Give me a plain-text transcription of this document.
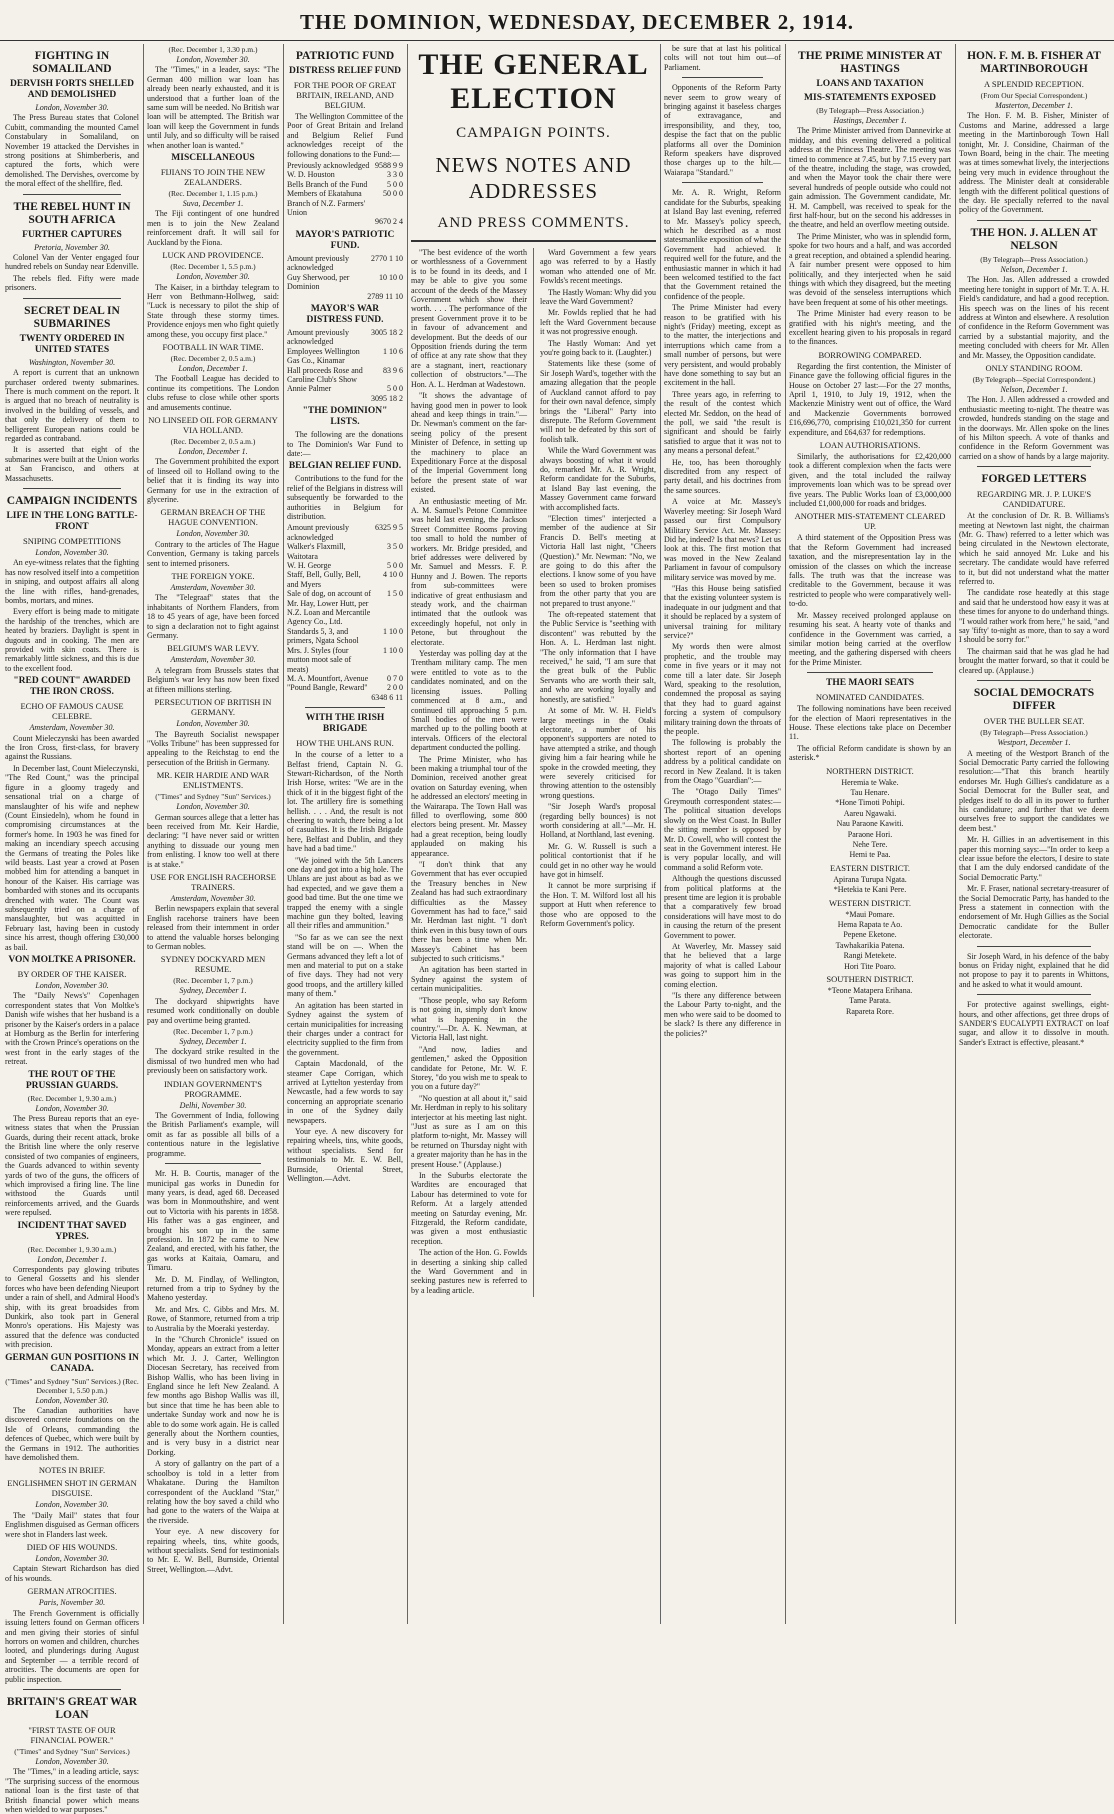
THE DOMINION, WEDNESDAY, DECEMBER 2, 1914.
FIGHTING IN SOMALILAND
DERVISH FORTS SHELLED AND DEMOLISHED
London, November 30.

The Press Bureau states that Colonel Cubitt, commanding the mounted Camel Constabulary in Somaliland, on November 19 attacked the Dervishes in strong positions at Shimberberis, and captured the forts, which were demolished. The Dervishes, overcome by the moral effect of the shellfire, fled.

THE REBEL HUNT IN SOUTH AFRICA
FURTHER CAPTURES
Pretoria, November 30.

Colonel Van der Venter engaged four hundred rebels on Sunday near Edenville.

The rebels fled. Fifty were made prisoners.

SECRET DEAL IN SUBMARINES
TWENTY ORDERED IN UNITED STATES
Washington, November 30.

A report is current that an unknown purchaser ordered twenty submarines. There is much comment on the report. It is argued that no breach of neutrality is involved in the building of vessels, and that only the delivery of them to belligerent European nations could be regarded as contraband.

It is asserted that eight of the submarines were built at the Union works at San Francisco, and others at Massachusetts.

CAMPAIGN INCIDENTS
LIFE IN THE LONG BATTLE-FRONT
SNIPING COMPETITIONS
London, November 30.

An eye-witness relates that the fighting has now resolved itself into a competition in sniping, and outpost affairs all along the line with rifles, hand-grenades, bombs, mortars, and mines.

Every effort is being made to mitigate the hardship of the trenches, which are heated by braziers. Daylight is spent in dugouts and in cooking. The men are provided with skin coats. There is remarkably little sickness, and this is due to the excellent food.

"RED COUNT" AWARDED THE IRON CROSS.
ECHO OF FAMOUS CAUSE CELEBRE.
Amsterdam, November 30.

Count Mieleczynski has been awarded the Iron Cross, first-class, for bravery against the Russians.

In December last, Count Mieleczynski, "The Red Count," was the principal figure in a gloomy tragedy and sensational trial on a charge of manslaughter of his wife and nephew (Count Einsiedeln), whom he found in compromising circumstances at the former's home. In 1903 he was fined for making an incendiary speech accusing the Germans of treating the Poles like wild beasts. Last year a crowd at Posen mobbed him for attending a banquet in honour of the Kaiser. His carriage was bombarded with stones and its occupants drenched with water. The Count was subsequently tried on a charge of manslaughter, but was acquitted in February last, having been in custody since his arrest, though offering £30,000 as bail.

VON MOLTKE A PRISONER.
BY ORDER OF THE KAISER.
London, November 30.

The "Daily News's" Copenhagen correspondent states that Von Moltke's Danish wife wishes that her husband is a prisoner by the Kaiser's orders in a palace at Homburg as the Berlin for interfering with the Crown Prince's operations on the west front in the early stages of the retreat.

THE ROUT OF THE PRUSSIAN GUARDS.
(Rec. December 1, 9.30 a.m.)
London, November 30.

The Press Bureau reports that an eye-witness states that when the Prussian Guards, during their recent attack, broke the British line where the only reserve consisted of two companies of engineers, the Guards advanced to within seventy yards of two of the guns, the officers of which improvised a firing line. The line withstood the Guards until reinforcements arrived, and the Guards were repulsed.

INCIDENT THAT SAVED YPRES.
(Rec. December 1, 9.30 a.m.)
London, December 1.

Correspondents pay glowing tributes to General Gossetts and his slender forces who have been defending Nieuport under a rain of shell, and Admiral Hood's ship, with its great broadsides from Dunkirk, also took part in General Monro's operations. His Majesty was assured that the defence was conducted with precision.

GERMAN GUN POSITIONS IN CANADA.
("Times" and Sydney "Sun" Services.) (Rec. December 1, 5.50 p.m.)
London, November 30.

The Canadian authorities have discovered concrete foundations on the Isle of Orleans, commanding the defences of Quebec, which were built by the Germans in 1912. The authorities have demolished them.

NOTES IN BRIEF.
ENGLISHMEN SHOT IN GERMAN DISGUISE.
London, November 30.

The "Daily Mail" states that four Englishmen disguised as German officers were shot in Flanders last week.

DIED OF HIS WOUNDS.
London, November 30.

Captain Stewart Richardson has died of his wounds.

GERMAN ATROCITIES.
Paris, November 30.

The French Government is officially issuing letters found on German officers and men giving their stories of sinful horrors on women and children, churches looted, and plunderings during August and September — a terrible record of atrocities. The documents are open for public inspection.

BRITAIN'S GREAT WAR LOAN
"FIRST TASTE OF OUR FINANCIAL POWER."
("Times" and Sydney "Sun" Services.)
London, November 30.

The "Times," in a leading article, says: "The surprising success of the enormous national loan is the first taste of that British financial power which means when wielded to war purposes."

(Rec. December 1, 3.30 p.m.)
London, November 30.

The "Times," in a leader, says: "The German 400 million war loan has already been nearly exhausted, and it is understood that a further loan of the same sum will be needed. No British war loan will be attempted. The British war loan will keep the Government in funds until July, and so difficulty will be raised when another loan is wanted."

MISCELLANEOUS
FIJIANS TO JOIN THE NEW ZEALANDERS.
(Rec. December 1, 1.15 p.m.)
Suva, December 1.

The Fiji contingent of one hundred men is to join the New Zealand reinforcement draft. It will sail for Auckland by the Fiona.

LUCK AND PROVIDENCE.
(Rec. December 1, 5.5 p.m.)
London, November 30.

The Kaiser, in a birthday telegram to Herr von Bethmann-Hollweg, said: "Luck is necessary to pilot the ship of State through these stormy times. Providence enjoys men who fight quietly among these, you occupy first place."

FOOTBALL IN WAR TIME.
(Rec. December 2, 0.5 a.m.)
London, December 1.

The Football League has decided to continue its competitions. The London clubs refuse to close while other sports and amusements continue.

NO LINSEED OIL FOR GERMANY VIA HOLLAND.
(Rec. December 2, 0.5 a.m.)
London, December 1.

The Government prohibited the export of linseed oil to Holland owing to the belief that it is finding its way into Germany for use in the extraction of glycerine.

GERMAN BREACH OF THE HAGUE CONVENTION.
London, November 30.

Contrary to the articles of The Hague Convention, Germany is taking parcels sent to interned prisoners.

THE FOREIGN YOKE.
Amsterdam, November 30.

The "Telegraaf" states that the inhabitants of Northern Flanders, from 18 to 45 years of age, have been forced to sign a declaration not to fight against Germany.

BELGIUM'S WAR LEVY.
Amsterdam, November 30.

A telegram from Brussels states that Belgium's war levy has now been fixed at fifteen millions sterling.

PERSECUTION OF BRITISH IN GERMANY.
London, November 30.

The Bayreuth Socialist newspaper "Volks Tribune" has been suppressed for appealing to the Reichstag to end the persecution of the British in Germany.

MR. KEIR HARDIE AND WAR ENLISTMENTS.
("Times" and Sydney "Sun" Services.)
London, November 30.

German sources allege that a letter has been received from Mr. Keir Hardie, declaring: "I have never said or written anything to dissuade our young men from enlisting. I know too well at there is at stake."

USE FOR ENGLISH RACEHORSE TRAINERS.
Amsterdam, November 30.

Berlin newspapers explain that several English racehorse trainers have been released from their internment in order to attend the valuable horses belonging to German nobles.

SYDNEY DOCKYARD MEN RESUME.
(Rec. December 1, 7 p.m.)
Sydney, December 1.

The dockyard shipwrights have resumed work conditionally on double pay and overtime being granted.

(Rec. December 1, 7 p.m.)
Sydney, December 1.

The dockyard strike resulted in the dismissal of two hundred men who had previously been on satisfactory work.

INDIAN GOVERNMENT'S PROGRAMME.
Delhi, November 30.

The Government of India, following the British Parliament's example, will omit as far as possible all bills of a contentious nature in the legislative programme.

Mr. H. B. Courtis, manager of the municipal gas works in Dunedin for many years, is dead, aged 68. Deceased was born in Monmouthshire, and went out to Victoria with his parents in 1858. His father was a gas engineer, and brought his son up in the same profession. In 1872 he came to New Zealand, and erected, with his father, the gas works at Kaitaia, Oamaru, and Timaru.

Mr. D. M. Findlay, of Wellington, returned from a trip to Sydney by the Maheno yesterday.

Mr. and Mrs. C. Gibbs and Mrs. M. Rowe, of Stanmore, returned from a trip to Australia by the Moeraki yesterday.

In the "Church Chronicle" issued on Monday, appears an extract from a letter which Mr. J. J. Carter, Wellington Diocesan Secretary, has received from Bishop Wallis, who has been living in England since he left New Zealand. A few months ago Bishop Wallis was ill, but since that time he has been able to undertake Sunday work and now he is able to do some work again. He is called generally about the Northern counties, and is very busy in a district near Dorking.

A story of gallantry on the part of a schoolboy is told in a letter from Whakatane. During the Hamilton correspondent of the Auckland "Star," relating how the boy saved a child who had gone to the waters of the Waipa at the riverside.

Your eye. A new discovery for repairing wheels, tins, white goods, without specialists. Send for testimonials to Mr. E. W. Bell, Burnside, Oriental Street, Wellington.—Advt.

PATRIOTIC FUND
DISTRESS RELIEF FUND
FOR THE POOR OF GREAT BRITAIN, IRELAND, AND BELGIUM.

The Wellington Committee of the Poor of Great Britain and Ireland and Belgium Relief Fund acknowledges receipt of the following donations to the Fund:—

Previously acknowledged	9588 9 9
W. D. Houston	3 3 0
Bells Branch of the Fund	5 0 0
Members of Ekatahuna Branch of N.Z. Farmers' Union	50 0 0
	9670 2 4
MAYOR'S PATRIOTIC FUND.
Amount previously acknowledged	2770 1 10
Guy Sherwood, per Dominion	10 10 0
	2789 11 10
MAYOR'S WAR DISTRESS FUND.
Amount previously acknowledged	3005 18 2
Employees Wellington Gas Co., Kinamar	1 10 6
Hall proceeds Rose and Caroline Club's Show	83 9 6
Annie Palmer	5 0 0
	3095 18 2
"THE DOMINION" LISTS.

The following are the donations to The Dominion's War Fund to date:—

BELGIAN RELIEF FUND.

Contributions to the fund for the relief of the Belgians in distress will subsequently be forwarded to the authorities in Belgium for distribution.

Amount previously acknowledged	6325 9 5
Walker's Flaxmill, Waitotara	3 5 0
W. H. George	5 0 0
Staff, Bell, Gully, Bell, and Myers	4 10 0
Sale of dog, on account of Mr. Hay, Lower Hutt, per N.Z. Loan and Mercantile Agency Co., Ltd.	1 5 0
Standards 5, 3, and primers, Ngata School	1 10 0
Mrs. J. Styles (four mutton moot sale of meats)	1 10 0
M. A. Mountfort, Avenue	0 7 0
"Pound Bangle, Reward"	2 0 0
	6348 6 11
WITH THE IRISH BRIGADE
HOW THE UHLANS RUN.

In the course of a letter to a Belfast friend, Captain N. G. Stewart-Richardson, of the North Irish Horse, writes: "We are in the thick of it in the biggest fight of the lot. The artillery fire is something hellish. . . . And, the result is not cheering to watch, there being a lot of casualties. It is the Irish Brigade here, Belfast and Dublin, and they have had a bad time."

"We joined with the 5th Lancers one day and got into a big hole. The Uhlans are just about as bad as we had expected, and we gave them a good bad time. But the one time we trapped the enemy with a single machine gun they bolted, leaving all their rifles and ammunition."

"So far as we can see the next stand will be on —. When the Germans advanced they left a lot of men and material to put on a stake of five days. They had not very good troops, and the artillery killed many of them."

An agitation has been started in Sydney against the system of certain municipalities for increasing their charges under a contract for electricity supplied to the firm from the government.

Captain Macdonald, of the steamer Cape Corrigan, which arrived at Lyttelton yesterday from Newcastle, had a few words to say concerning an appropriate scenario in one of the Sydney daily newspapers.

Your eye. A new discovery for repairing wheels, tins, white goods, without specialists. Send for testimonials to Mr. E. W. Bell, Burnside, Oriental Street, Wellington.—Advt.

THE GENERAL ELECTION
CAMPAIGN POINTS.
NEWS NOTES AND ADDRESSES
AND PRESS COMMENTS.

"The best evidence of the worth or worthlessness of a Government is to be found in its deeds, and I may be able to give you some account of the deeds of the Massey Government which show their worth. . . . The performance of the present Government prove it to be in favour of advancement and development. But the deeds of our Opposition friends during the term of office at any rate show that they are a stagnant, inert, reactionary collection of obstructors."—The Hon. A. L. Herdman at Wadestown.

"It shows the advantage of having good men in power to look ahead and keep things in train."—Dr. Newman's comment on the far-seeing policy of the present Minister of Defence, in setting up the machinery to place an Expeditionary Force at the disposal of the Imperial Government long before the present state of war existed.

An enthusiastic meeting of Mr. A. M. Samuel's Petone Committee was held last evening, the Jackson Street Committee Rooms proving too small to hold the number of workers. Mr. Bridge presided, and brief addresses were delivered by Mr. Samuel and Messrs. F. P. Hunny and J. Bowen. The reports from sub-committees were indicative of great enthusiasm and steady work, and the chairman intimated that the outlook was exceedingly hopeful, not only in Petone, but throughout the electorate.

Yesterday was polling day at the Trentham military camp. The men were entitled to vote as to the candidates nominated, and on the licensing issues. Polling commenced at 8 a.m., and continued till approaching 5 p.m. Small bodies of the men were marched up to the polling booth at intervals. Officers of the electoral department conducted the polling.

The Prime Minister, who has been making a triumphal tour of the Dominion, received another great ovation on Saturday evening, when he addressed an electors' meeting in the Wairarapa. The Town Hall was filled to overflowing, some 800 electors being present. Mr. Massey had a great reception, being loudly applauded on making his appearance.

"I don't think that any Government that has ever occupied the Treasury benches in New Zealand has had such extraordinary difficulties as the Massey Government has had to face," said Mr. Herdman last night. "I don't think even in this busy town of ours there has been a time when Mr. Massey's Cabinet has been subjected to such criticisms."

An agitation has been started in Sydney against the system of certain municipalities.

"Those people, who say Reform is not going in, simply don't know what is happening in the country."—Dr. A. K. Newman, at Victoria Hall, last night.

"And now, ladies and gentlemen," asked the Opposition candidate for Petone, Mr. W. F. Storey, "do you wish me to speak to you on a future day?"

"No question at all about it," said Mr. Herdman in reply to his solitary interjector at his meeting last night. "Just as sure as I am on this platform to-night, Mr. Massey will be returned on Thursday night with a greater majority than he has in the present House." (Applause.)

In the Suburbs electorate the Wardites are encouraged that Labour has determined to vote for Reform. At a largely attended meeting on Saturday evening, Mr. Fitzgerald, the Reform candidate, was given a most enthusiastic reception.

The action of the Hon. G. Fowlds in deserting a sinking ship called the Ward Government and in seeking pastures new is referred to by a leading article.

Ward Government a few years ago was referred to by a Hastly woman who attended one of Mr. Fowlds's recent meetings.

The Hastly Woman: Why did you leave the Ward Government?

Mr. Fowlds replied that he had left the Ward Government because it was not progressive enough.

The Hastly Woman: And yet you're going back to it. (Laughter.)

Statements like these (some of Sir Joseph Ward's, together with the amazing allegation that the people of Auckland cannot afford to pay for their own naval defence, simply brings the "Liberal" Party into disrepute. The Reform Government will not be defeated by this sort of foolish talk.

While the Ward Government was always boosting of what it would do, remarked Mr. A. R. Wright, Reform candidate for the Suburbs, at Island Bay last evening, the Massey Government came forward with accomplished facts.

"Election times" interjected a member of the audience at Sir Francis D. Bell's meeting at Victoria Hall last night, "Cheers (Question)." Mr. Newman: "No, we are going to do this after the elections. I know some of you have been so used to broken promises from the other party that you are not prepared to trust anyone."

The oft-repeated statement that the Public Service is "seething with discontent" was rebutted by the Hon. A. L. Herdman last night. "The only information that I have received," he said, "I am sure that the great bulk of the Public Servants who are worth their salt, and who are working loyally and honestly, are satisfied."

At some of Mr. W. H. Field's large meetings in the Otaki electorate, a number of his opponent's supporters are noted to have attempted a strike, and though giving him a fair hearing while he spoke in the crowded meeting, they were severely criticised for throwing attention to the ostensibly wrong questions.

"Sir Joseph Ward's proposal (regarding belly bounces) is not worth considering at all."—Mr. H. Holland, at Northland, last evening.

Mr. G. W. Russell is such a political contortionist that if he could get in no other way he would have got in himself.

It cannot be more surprising if the Hon. T. M. Wilford lost all his support at Hutt when reference to those who are opposed to the Reform Government's policy.

be sure that at last his political colts will not tout him out—of Parliament.

Opponents of the Reform Party never seem to grow weary of bringing against it baseless charges of extravagance, and irresponsibility, and they, too, despise the fact that on the public platforms all over the Dominion Reform speakers have disproved those charges up to the hilt.—Waiarapa "Standard."

Mr. A. R. Wright, Reform candidate for the Suburbs, speaking at Island Bay last evening, referred to Mr. Massey's policy speech, which he described as a most statesmanlike exposition of what the Government had achieved. It required well for the future, and the enthusiastic manner in which it had been welcomed testified to the fact that the Government retained the confidence of the people.

The Prime Minister had every reason to be gratified with his night's (Friday) meeting, except as to the matter, the interjections and interruptions which came from a small number of persons, but were very persistent, and would probably have done something to say but an excitement in the hall.

Three years ago, in referring to the result of the contest which elected Mr. Seddon, on the head of the poll, we said "the result is significant and should be fairly satisfied to argue that it was not to any means a personal defeat."

He, too, has been thoroughly discredited from any respect of party detail, and his doctrines from the same sources.

A voice at Mr. Massey's Waverley meeting: Sir Joseph Ward passed our first Compulsory Military Service Act. Mr. Massey: Did he, indeed? Is that news? Let us look at this. The first motion that was moved in the New Zealand Parliament in favour of compulsory military service was moved by me.

"Has this House being satisfied that the existing volunteer system is inadequate in our judgment and that it should be replaced by a system of universal training for military service?"

My words then were almost prophetic, and the trouble may come in five years or it may not come till a later date. Sir Joseph Ward, speaking to the resolution, condemned the proposal as saying that they had to guard against forcing a system of compulsory military training down the throats of the people.

The following is probably the shortest report of an opening address by a political candidate on record in New Zealand. It is taken from the Otago "Guardian":—

The "Otago Daily Times" Greymouth correspondent states:—The political situation develops slowly on the West Coast. In Buller the sitting member is opposed by Mr. D. Cowell, who will contest the seat in the Government interest. He is very popular locally, and will command a solid Reform vote.

Although the questions discussed from political platforms at the present time are legion it is probable that a comparatively few broad considerations will have most to do in causing the return of the present Government to power.

At Waverley, Mr. Massey said that he believed that a large majority of what is called Labour was going to support him in the coming election.

"Is there any difference between the Labour Party to-night, and the men who were said to be doomed to be slack? Is there any difference in the policies?"

THE PRIME MINISTER AT HASTINGS
LOANS AND TAXATION
MIS-STATEMENTS EXPOSED
(By Telegraph—Press Association.)
Hastings, December 1.

The Prime Minister arrived from Dannevirke at midday, and this evening delivered a political address at the Princess Theatre. The meeting was timed to commence at 7.45, but by 7.15 every part of the theatre, including the stage, was crowded, and when the Mayor took the chair there were several hundreds of people outside who could not gain admission. The Government candidate, Mr. H. M. Campbell, was received to speak for the first half-hour, but on the second his addresses in the theatre, and held an overflow meeting outside.

The Prime Minister, who was in splendid form, spoke for two hours and a half, and was accorded a great reception, and obtained a splendid hearing. A fair number present were opposed to him politically, and they interjected when he said things with which they disagreed, but the meeting was devoid of the senseless interruptions which have been frequent at some of his other meetings.

The Prime Minister had every reason to be gratified with his night's meeting, and the excellent hearing given to his proposals in regard to the finances.

BORROWING COMPARED.

Regarding the first contention, the Minister of Finance gave the following official figures in the House on October 27 last:—For the 27 months, April 1, 1910, to July 19, 1912, when the Mackenzie Ministry went out of office, the Ward and Mackenzie Governments borrowed £16,696,770, comprising £10,021,350 for current expenditure, and £64,637 for redemptions.

LOAN AUTHORISATIONS.

Similarly, the authorisations for £2,420,000 took a different complexion when the facts were given, and the total included the railway improvements loan which was to be spread over five years. The Public Works loan of £3,000,000 included £1,000,000 for roads and bridges.

ANOTHER MIS-STATEMENT CLEARED UP.

A third statement of the Opposition Press was that the Reform Government had increased taxation, and the misrepresentation lay in the omission of the classes on which the increase falls. The truth was that the increase was creditable to the Government, because it was restricted to people who were comparatively well-to-do.

Mr. Massey received prolonged applause on resuming his seat. A hearty vote of thanks and confidence in the Government was carried, a similar motion being carried at the overflow meeting, and the gathering dispersed with cheers for the Prime Minister.

THE MAORI SEATS
NOMINATED CANDIDATES.

The following nominations have been received for the election of Maori representatives in the House. These elections take place on December 11.

The official Reform candidate is shown by an asterisk.*

NORTHERN DISTRICT.
Heremia te Wake.
Tau Henare.
*Hone Timoti Pohipi.
Aareu Ngawaki.
Nau Paraone Kawiti.
Paraone Hori.
Nehe Tere.
Hemi te Paa.
EASTERN DISTRICT.
Apirana Turupa Ngata.
*Hetekia te Kani Pere.
WESTERN DISTRICT.
*Maui Pomare.
Hema Rapata te Ao.
Pepene Eketone.
Tawhakarikia Patena.
Rangi Metekete.
Hori Tite Poaro.
SOUTHERN DISTRICT.
*Teone Matapera Erihana.
Tame Parata.
Rapareta Rore.
HON. F. M. B. FISHER AT MARTINBOROUGH
A SPLENDID RECEPTION.
(From Our Special Correspondent.)
Masterton, December 1.

The Hon. F. M. B. Fisher, Minister of Customs and Marine, addressed a large meeting in the Martinborough Town Hall tonight, Mr. J. Considine, Chairman of the Town Board, being in the chair. The meeting was at times somewhat lively, the interjections being very much in evidence throughout the address. The Minister dealt at considerable length with the different political questions of the day. He specially referred to the naval policy of the Government.

THE HON. J. ALLEN AT NELSON
(By Telegraph—Press Association.)
Nelson, December 1.

The Hon. Jas. Allen addressed a crowded meeting here tonight in support of Mr. T. A. H. Field's candidature, and had a good reception. His speech was on the lines of his recent address at Winton and elsewhere. A resolution of confidence in the Reform Government was carried by a substantial majority, and the meeting concluded with cheers for Mr. Allen and Mr. Massey, the Opposition candidate.

ONLY STANDING ROOM.
(By Telegraph—Special Correspondent.)
Nelson, December 1.

The Hon. J. Allen addressed a crowded and enthusiastic meeting to-night. The theatre was crowded, hundreds standing on the stage and in the doorways. Mr. Allen spoke on the lines of his Milton speech. A vote of thanks and confidence in the Reform Government was carried on a show of hands by a large majority.

FORGED LETTERS
REGARDING MR. J. P. LUKE'S CANDIDATURE.

At the conclusion of Dr. R. B. Williams's meeting at Newtown last night, the chairman (Mr. G. Thaw) referred to a letter which was being circulated in the Newtown electorate, which he said annoyed Mr. Luke and his secretary. The candidate would have referred to it, but did not understand what the matter referred to.

The candidate rose heatedly at this stage and said that he understood how easy it was at these times for anyone to do underhand things. "I would rather work from here," he said, "and say 'fifty' to-night as more, than to say a word I should be sorry for."

The chairman said that he was glad he had brought the matter forward, so that it could be cleared up. (Applause.)

SOCIAL DEMOCRATS DIFFER
OVER THE BULLER SEAT.
(By Telegraph—Press Association.)
Westport, December 1.

A meeting of the Westport Branch of the Social Democratic Party carried the following resolution:—"That this branch heartily endorses Mr. Hugh Gillies's candidature as a Social Democrat for the Buller seat, and pledges itself to do all in its power to further his candidature; and further that we deem ourselves free to support the candidates we deem best."

Mr. H. Gillies in an advertisement in this paper this morning says:—"In order to keep a clear issue before the electors, I desire to state that I am the duly endorsed candidate of the Social Democratic Party."

Mr. F. Fraser, national secretary-treasurer of the Social Democratic Party, has handed to the Press a statement in connection with the endorsement of Mr. Hugh Gillies as the Social Democratic candidate for the Buller electorate.

Sir Joseph Ward, in his defence of the baby bonus on Friday night, explained that he did not propose to pay it to parents in Whittons, and he asked to what it would amount.

For protective against swellings, eight-hours, and other affections, get three drops of SANDER'S EUCALYPTI EXTRACT on loaf sugar, and allow it to dissolve in mouth. Sander's Extract is effective, pleasant.*
